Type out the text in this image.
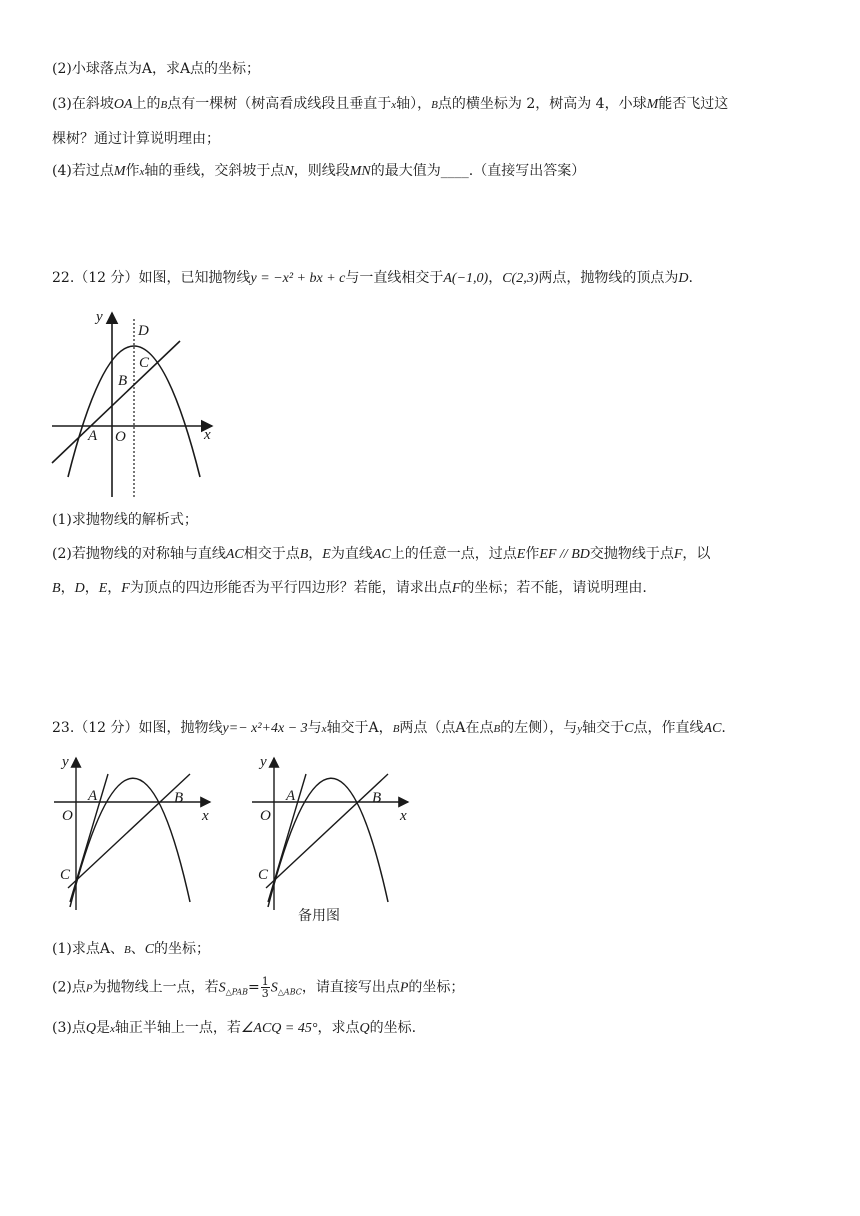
(2)小球落点为A，求A点的坐标；
(3)在斜坡OA上的B点有一棵树（树高看成线段且垂直于x轴），B点的横坐标为 2，树高为 4，小球M能否飞过这
棵树？通过计算说明理由；
(4)若过点M作x轴的垂线，交斜坡于点N，则线段MN的最大值为____.（直接写出答案）
22.（12 分）如图，已知抛物线y = −x² + bx + c与一直线相交于A(−1,0)，C(2,3)两点，抛物线的顶点为D.
y
x
O
A
B
C
D
(1)求抛物线的解析式；
(2)若抛物线的对称轴与直线AC相交于点B，E为直线AC上的任意一点，过点E作EF // BD交抛物线于点F，以
B，D，E，F为顶点的四边形能否为平行四边形？若能，请求出点F的坐标；若不能，请说明理由.
23.（12 分）如图，抛物线y=− x²+4x − 3与x轴交于A，B两点（点A在点B的左侧），与y轴交于C点，作直线AC.
y
x
O
A	B
C
y
x
O
A	B
C
备用图
(1)求点A、B、C的坐标；
(2)点P为抛物线上一点，若$S_{\triangle PAB}= \frac{1}{3} S_{\triangle ABC}$，请直接写出点P的坐标；
(3)点Q是x轴正半轴上一点，若∠ACQ = 45°，求点Q的坐标.
